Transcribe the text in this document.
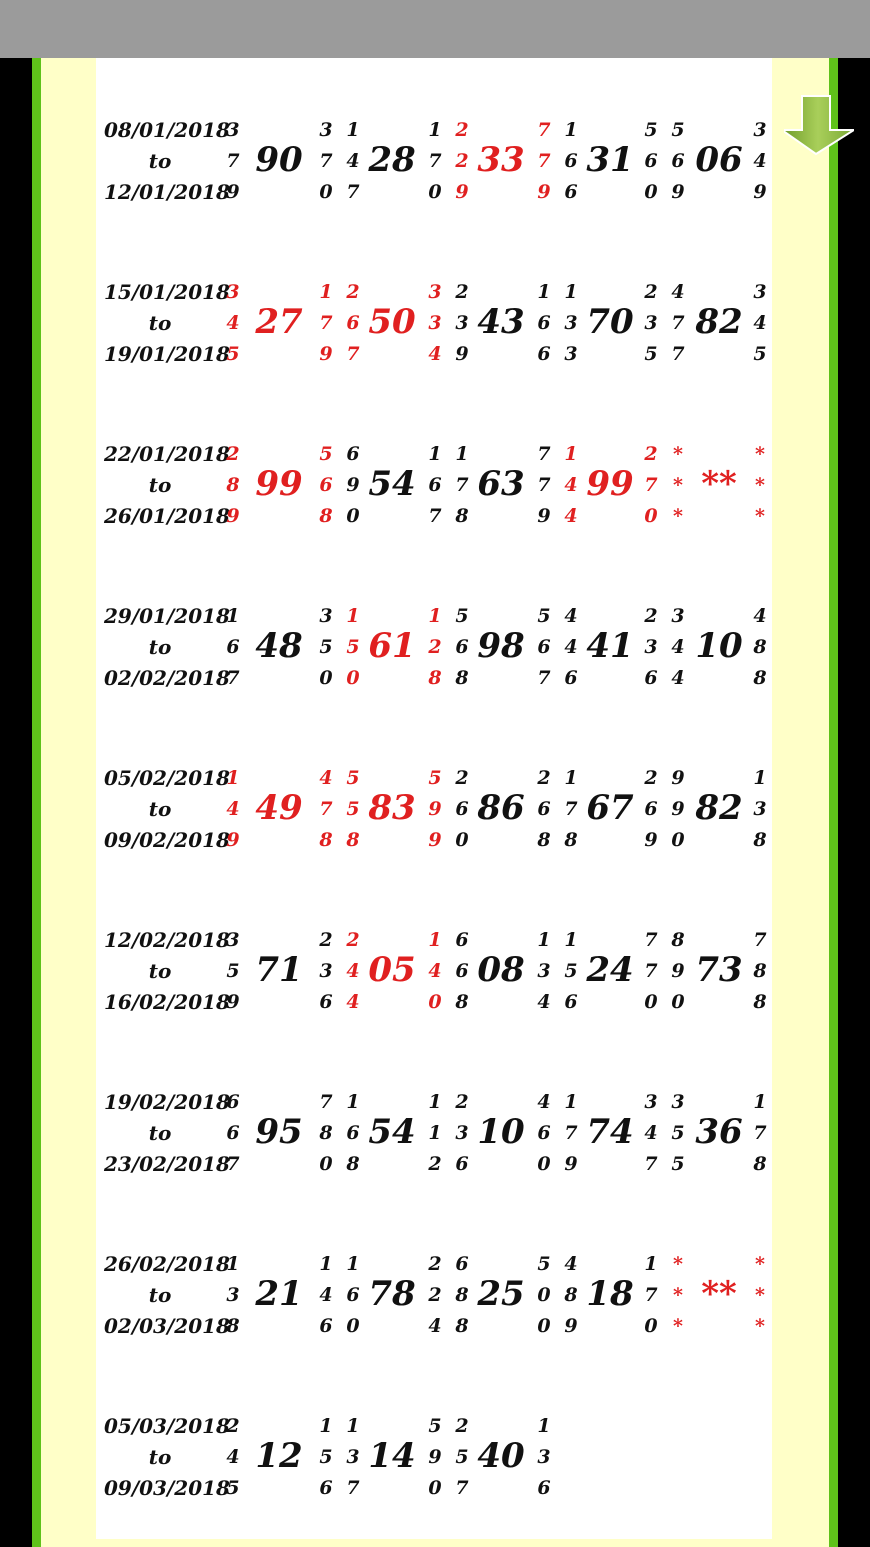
08/01/2018
to
12/01/2018
3
7
9
3
7
0
1
4
7
1
7
0
2
2
9
7
7
9
1
6
6
5
6
0
5
6
9
3
4
9
90 28 33 31 06
15/01/2018
to
19/01/2018
3
4
5
1
7
9
2
6
7
3
3
4
2
3
9
1
6
6
1
3
3
2
3
5
4
7
7
3
4
5
27 50 43 70 82
22/01/2018
to
26/01/2018
2
8
9
5
6
8
6
9
0
1
6
7
1
7
8
7
7
9
1
4
4
2
7
0
*
*
*
*
*
*
99 54 63 99	**
29/01/2018
to
02/02/2018
1
6
7
3
5
0
1
5
0
1
2
8
5
6
8
5
6
7
4
4
6
2
3
6
3
4
4
4
8
8
48 61 98 41 10
05/02/2018
to
09/02/2018
1
4
9
4
7
8
5
5
8
5
9
9
2
6
0
2
6
8
1
7
8
2
6
9
9
9
0
1
3
8
49 83 86 67 82
12/02/2018
to
16/02/2018
3
5
9
2
3
6
2
4
4
1
4
0
6
6
8
1
3
4
1
5
6
7
7
0
8
9
0
7
8
8
71 05 08 24 73
19/02/2018
to
23/02/2018
6
6
7
7
8
0
1
6
8
1
1
2
2
3
6
4
6
0
1
7
9
3
4
7
3
5
5
1
7
8
95 54 10 74 36
26/02/2018
to
02/03/2018
1
3
8
1
4
6
1
6
0
2
2
4
6
8
8
5
0
0
4
8
9
1
7
0
*
*
*
*
*
*
21 78 25 18	**
05/03/2018
to
09/03/2018
2
4
5
1
5
6
1
3
7
5
9
0
2
5
7
1
3
6
12 14 40
